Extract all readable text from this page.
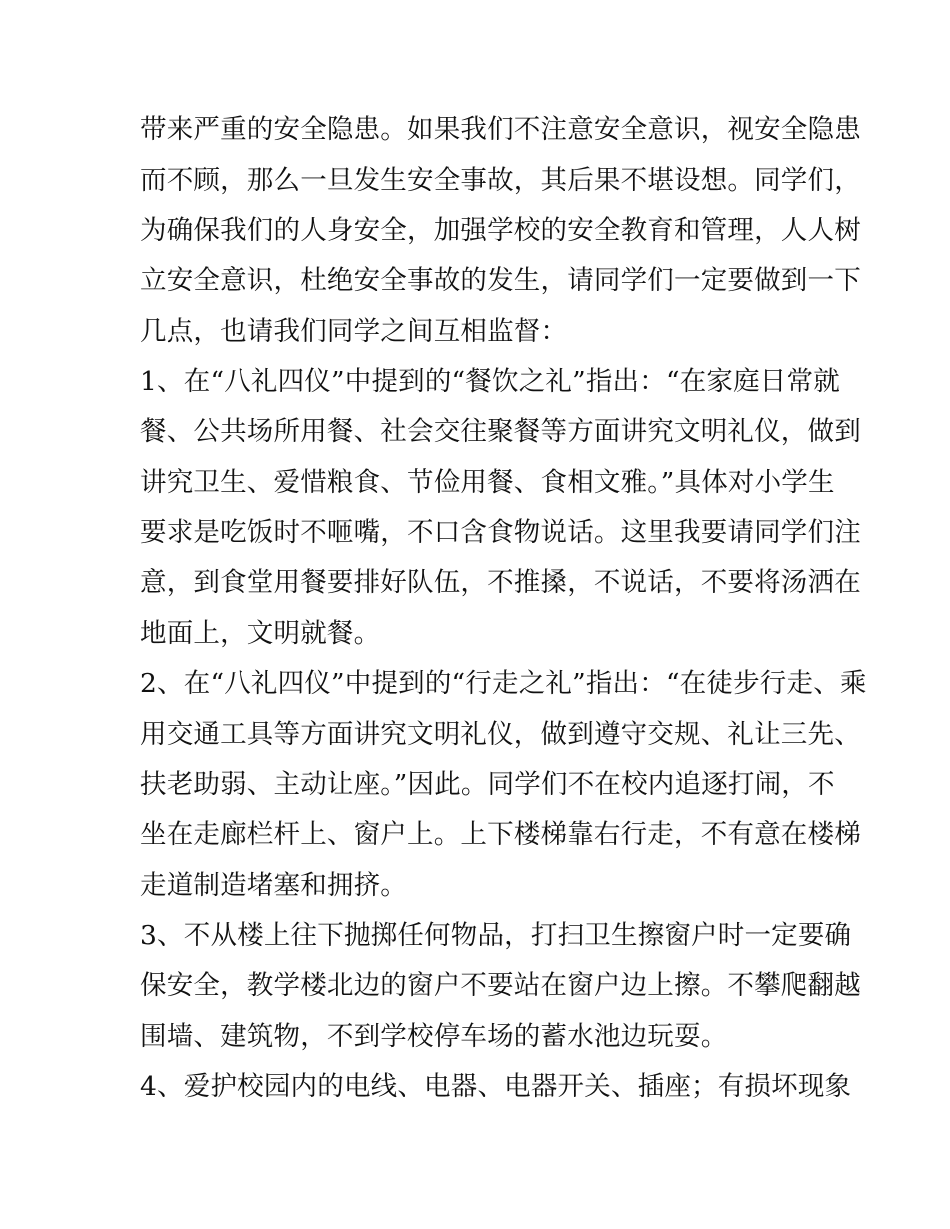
带来严重的安全隐患。如果我们不注意安全意识，视安全隐患
而不顾，那么一旦发生安全事故，其后果不堪设想。同学们，
为确保我们的人身安全，加强学校的安全教育和管理，人人树
立安全意识，杜绝安全事故的发生，请同学们一定要做到一下
几点，也请我们同学之间互相监督：
1、在“八礼四仪”中提到的“餐饮之礼”指出：“在家庭日常就
餐、公共场所用餐、社会交往聚餐等方面讲究文明礼仪，做到
讲究卫生、爱惜粮食、节俭用餐、食相文雅。”具体对小学生
要求是吃饭时不咂嘴，不口含食物说话。这里我要请同学们注
意，到食堂用餐要排好队伍，不推搡，不说话，不要将汤洒在
地面上，文明就餐。
2、在“八礼四仪”中提到的“行走之礼”指出：“在徒步行走、乘
用交通工具等方面讲究文明礼仪，做到遵守交规、礼让三先、
扶老助弱、主动让座。”因此。同学们不在校内追逐打闹，不
坐在走廊栏杆上、窗户上。上下楼梯靠右行走，不有意在楼梯
走道制造堵塞和拥挤。
3、不从楼上往下抛掷任何物品，打扫卫生擦窗户时一定要确
保安全，教学楼北边的窗户不要站在窗户边上擦。不攀爬翻越
围墙、建筑物，不到学校停车场的蓄水池边玩耍。
4、爱护校园内的电线、电器、电器开关、插座；有损坏现象
